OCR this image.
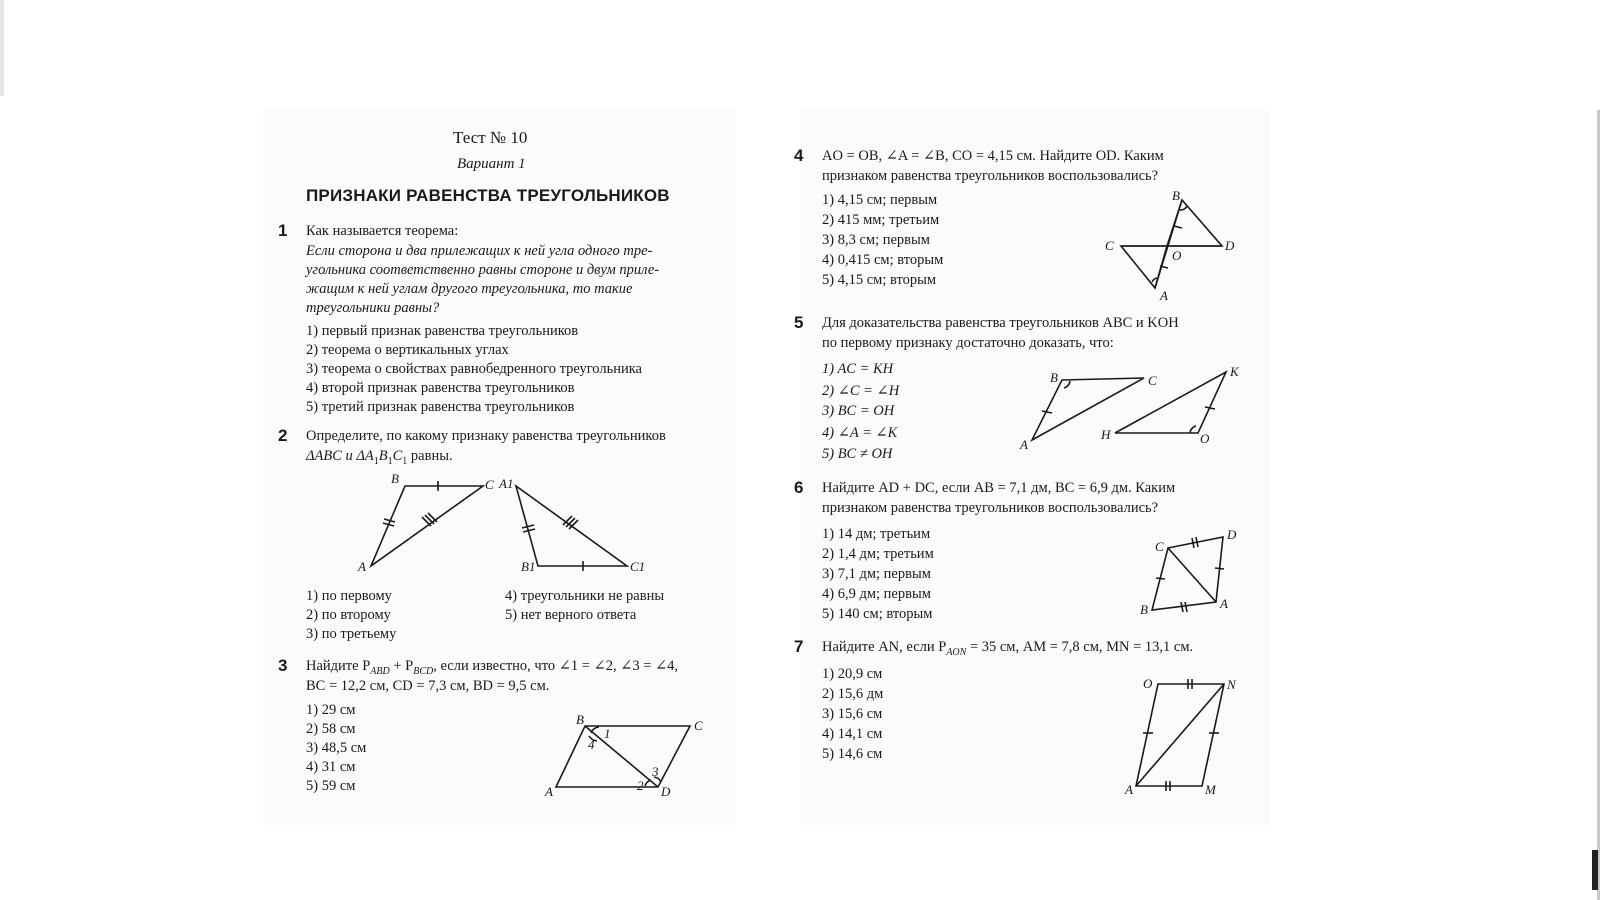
Тест № 10
Вариант 1
ПРИЗНАКИ РАВЕНСТВА ТРЕУГОЛЬНИКОВ
1 Как называется теорема:
Если сторона и два прилежащих к ней угла одного тре-
угольника соответственно равны стороне и двум приле-
жащим к ней углам другого треугольника, то такие
треугольники равны?
1) первый признак равенства треугольников
2) теорема о вертикальных углах
3) теорема о свойствах равнобедренного треугольника
4) второй признак равенства треугольников
5) третий признак равенства треугольников
2 Определите, по какому признаку равенства треугольников
ΔABC и $\Delta A_1B_1C_1$ равны.
B	C
A
A1
B1	C1
1) по первому
2) по второму
3) по третьему
4) треугольники не равны
5) нет верного ответа
3 Найдите $P_{ABD} + P_{BCD}$, если известно, что ∠1 = ∠2, ∠3 = ∠4,
BC = 12,2 см, CD = 7,3 см, BD = 9,5 см.
1) 29 см
2) 58 см
3) 48,5 см
4) 31 см
5) 59 см
B	C
A	D
1
2
3
4
4 AO = OB, ∠A = ∠B, CO = 4,15 см. Найдите OD. Каким
признаком равенства треугольников воспользовались?
1) 4,15 см; первым
2) 415 мм; третьим
3) 8,3 см; первым
4) 0,415 см; вторым
5) 4,15 см; вторым
B
C
O
D
A
5 Для доказательства равенства треугольников ABC и KOH
по первому признаку достаточно доказать, что:
1) AC = KH
2) ∠C = ∠H
3) BC = OH
4) ∠A = ∠K
5) BC ≠ OH
B	C
K
A
H	O
6 Найдите AD + DC, если AB = 7,1 дм, BC = 6,9 дм. Каким
признаком равенства треугольников воспользовались?
1) 14 дм; третьим
2) 1,4 дм; третьим
3) 7,1 дм; первым
4) 6,9 дм; первым
5) 140 см; вторым
C
D
B	A
7 Найдите AN, если $P_{AON} = 35$ см, AM = 7,8 см, MN = 13,1 см.
1) 20,9 см
2) 15,6 дм
3) 15,6 см
4) 14,1 см
5) 14,6 см
O	N
A	M
